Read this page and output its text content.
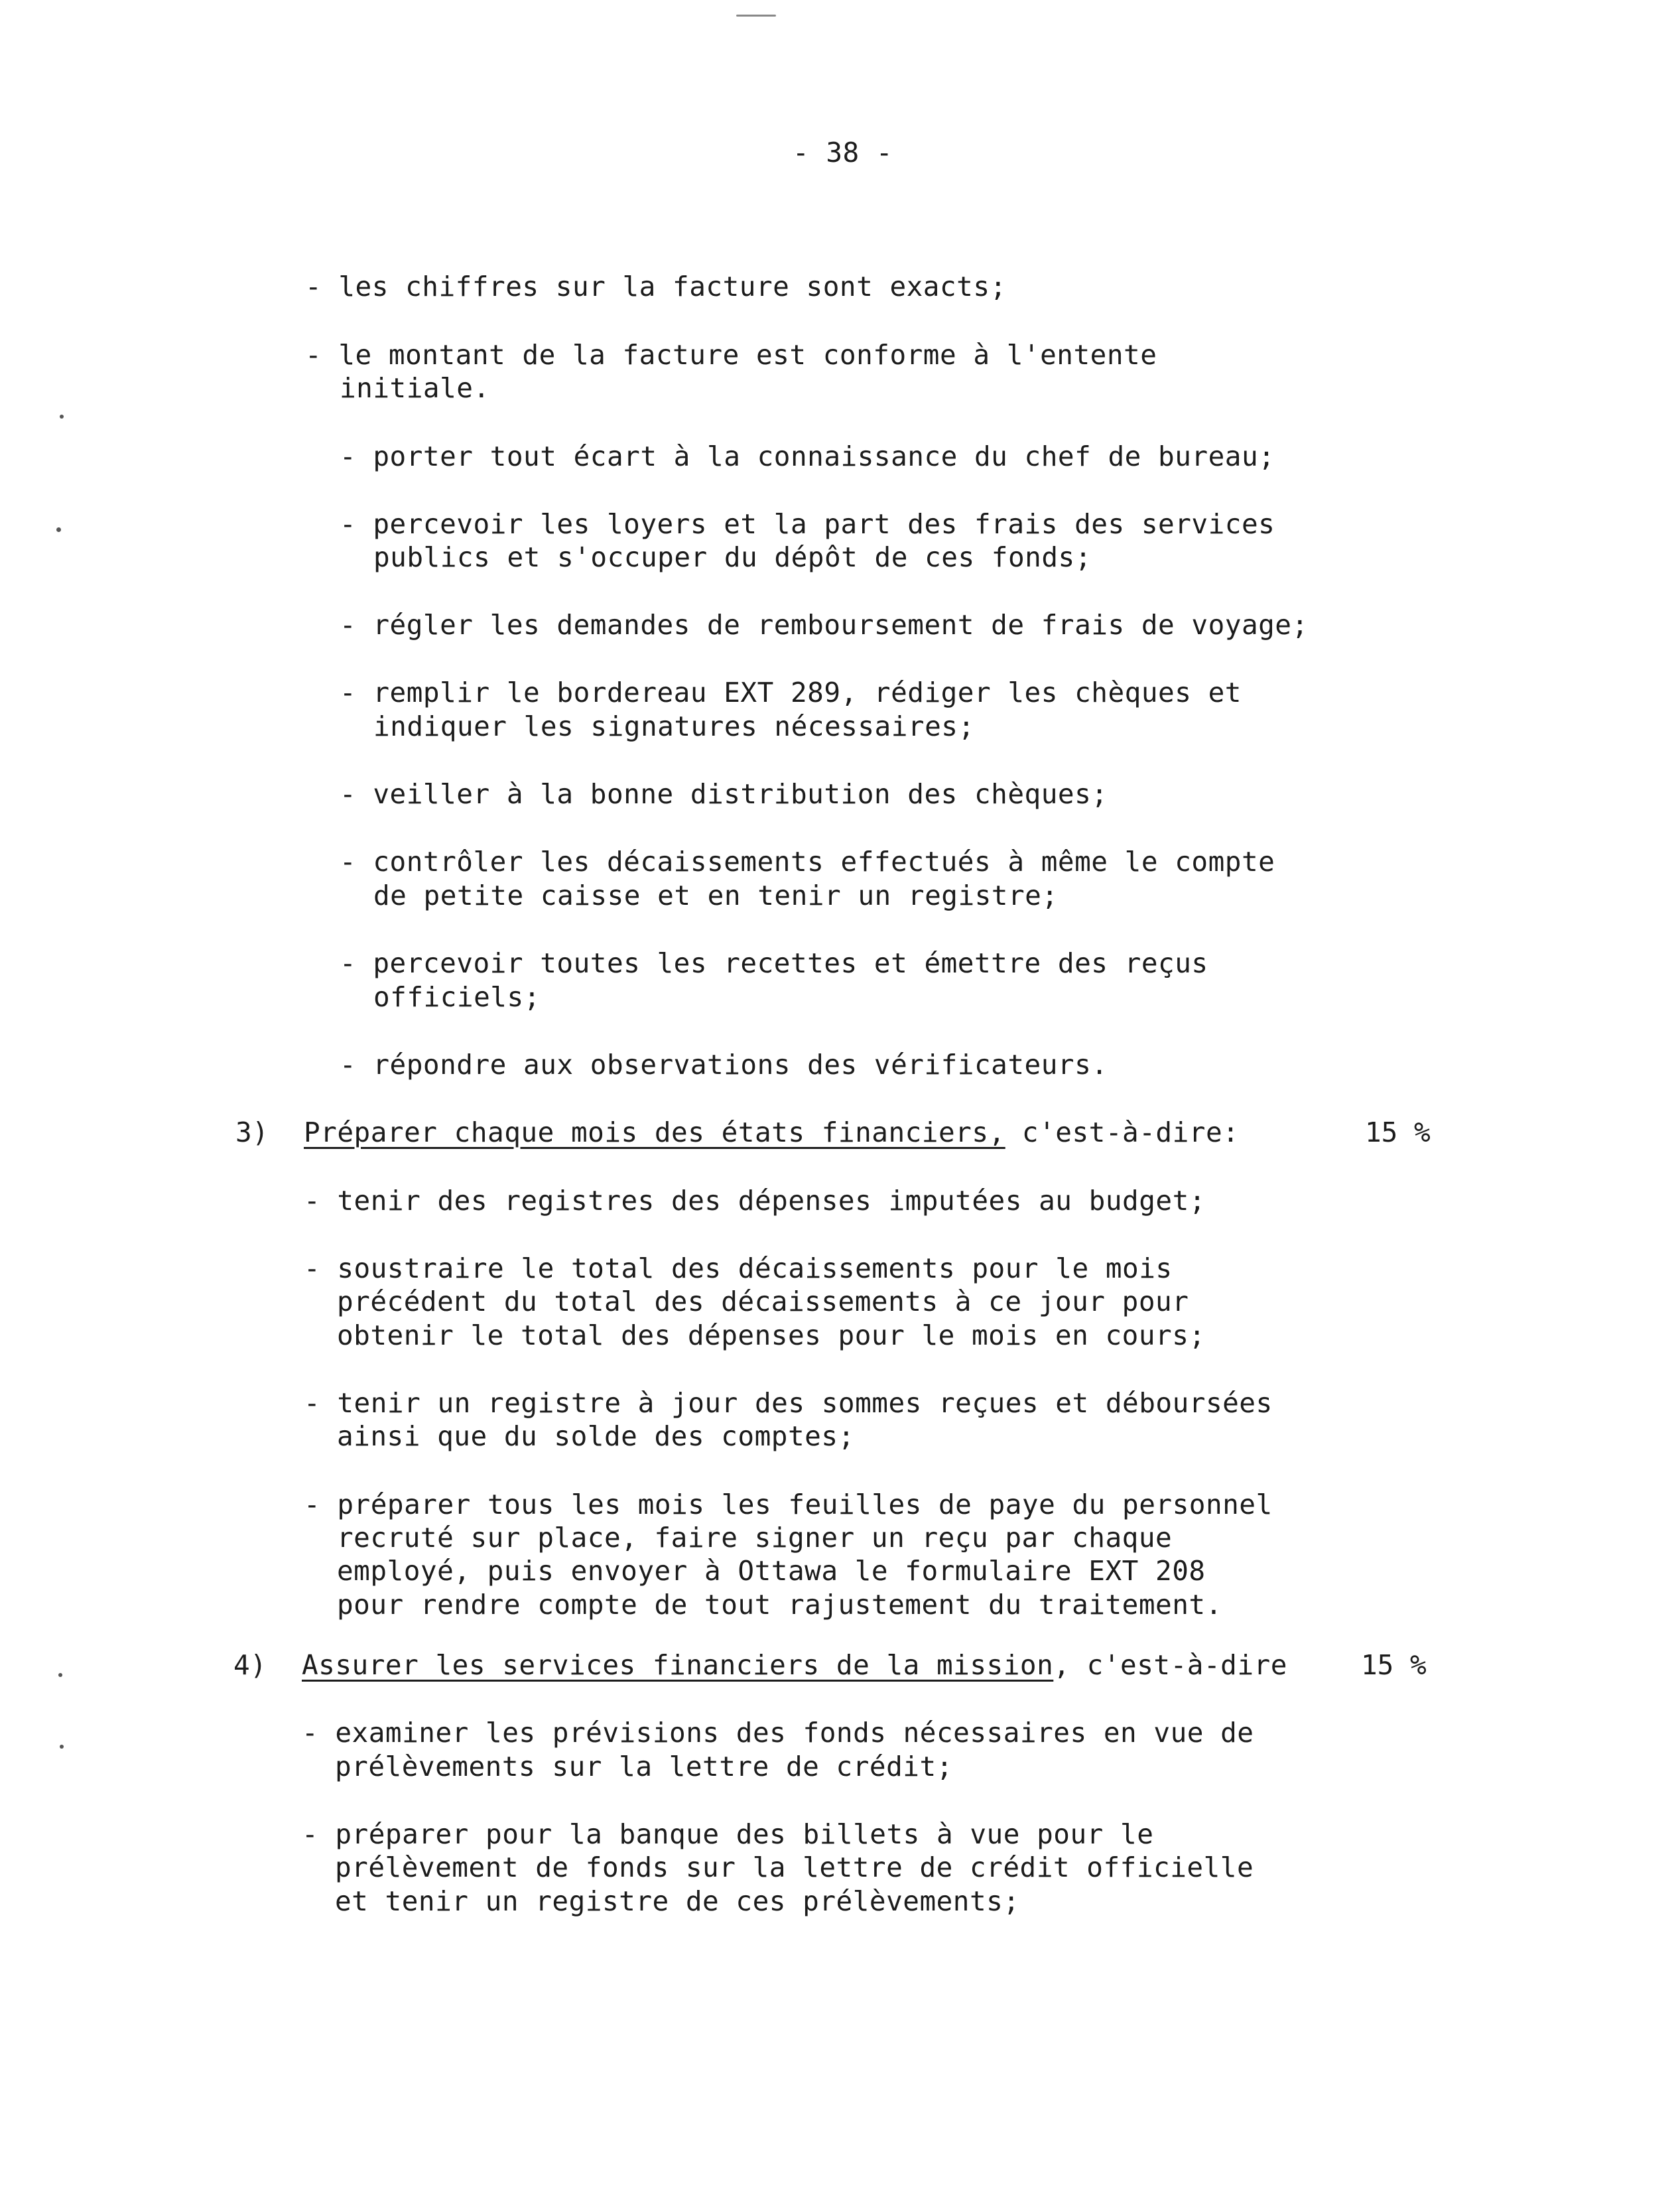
- 38 -
- les chiffres sur la facture sont exacts;
- le montant de la facture est conforme à l'entente
initiale.
- porter tout écart à la connaissance du chef de bureau;
- percevoir les loyers et la part des frais des services
publics et s'occuper du dépôt de ces fonds;
- régler les demandes de remboursement de frais de voyage;
- remplir le bordereau EXT 289, rédiger les chèques et
indiquer les signatures nécessaires;
- veiller à la bonne distribution des chèques;
- contrôler les décaissements effectués à même le compte
de petite caisse et en tenir un registre;
- percevoir toutes les recettes et émettre des reçus
officiels;
- répondre aux observations des vérificateurs.
3) Préparer chaque mois des états financiers, c'est-à-dire:	15 %
- tenir des registres des dépenses imputées au budget;
- soustraire le total des décaissements pour le mois
précédent du total des décaissements à ce jour pour
obtenir le total des dépenses pour le mois en cours;
- tenir un registre à jour des sommes reçues et déboursées
ainsi que du solde des comptes;
- préparer tous les mois les feuilles de paye du personnel
recruté sur place, faire signer un reçu par chaque
employé, puis envoyer à Ottawa le formulaire EXT 208
pour rendre compte de tout rajustement du traitement.
4) Assurer les services financiers de la mission, c'est-à-dire	15 %
- examiner les prévisions des fonds nécessaires en vue de
prélèvements sur la lettre de crédit;
- préparer pour la banque des billets à vue pour le
prélèvement de fonds sur la lettre de crédit officielle
et tenir un registre de ces prélèvements;
